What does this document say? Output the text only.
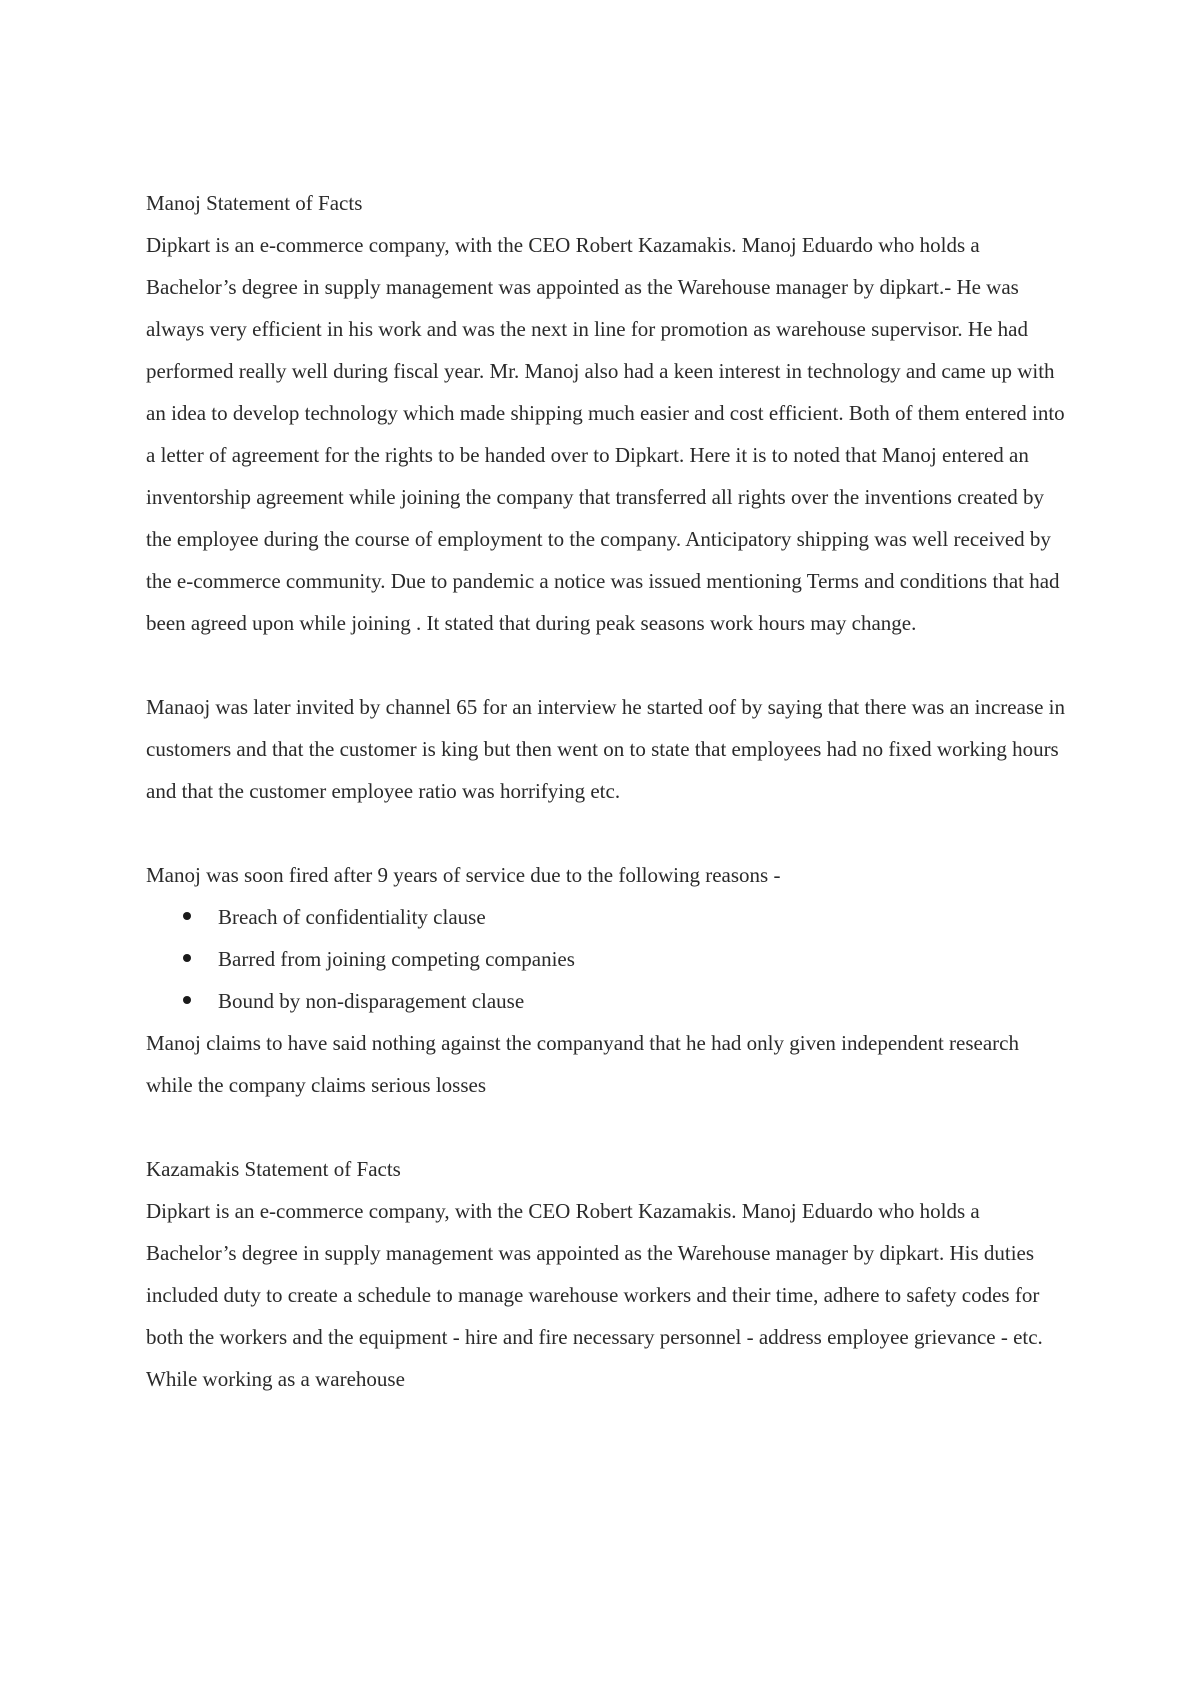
Manoj Statement of Facts

Dipkart is an e-commerce company, with the CEO Robert Kazamakis. Manoj Eduardo who holds a Bachelor’s degree in supply management was appointed as the Warehouse manager by dipkart.- He was always very efficient in his work and was the next in line for promotion as warehouse supervisor. He had performed really well during fiscal year. Mr. Manoj also had a keen interest in technology and came up with an idea to develop technology which made shipping much easier and cost efficient. Both of them entered into a letter of agreement for the rights to be handed over to Dipkart. Here it is to noted that Manoj entered an inventorship agreement while joining the company that transferred all rights over the inventions created by the employee during the course of employment to the company. Anticipatory shipping was well received by the e-commerce community. Due to pandemic a notice was issued mentioning Terms and conditions that had been agreed upon while joining . It stated that during peak seasons work hours may change.

Manaoj was later invited by channel 65 for an interview he started oof by saying that there was an increase in customers and that the customer is king but then went on to state that employees had no fixed working hours and that the customer employee ratio was horrifying etc.

Manoj was soon fired after 9 years of service due to the following reasons -

Breach of confidentiality clause
Barred from joining competing companies
Bound by non-disparagement clause

Manoj claims to have said nothing against the companyand that he had only given independent research while the company claims serious losses

Kazamakis Statement of Facts

Dipkart is an e-commerce company, with the CEO Robert Kazamakis. Manoj Eduardo who holds a Bachelor’s degree in supply management was appointed as the Warehouse manager by dipkart. His duties included duty to create a schedule to manage warehouse workers and their time, adhere to safety codes for both the workers and the equipment - hire and fire necessary personnel - address employee grievance - etc. While working as a warehouse
